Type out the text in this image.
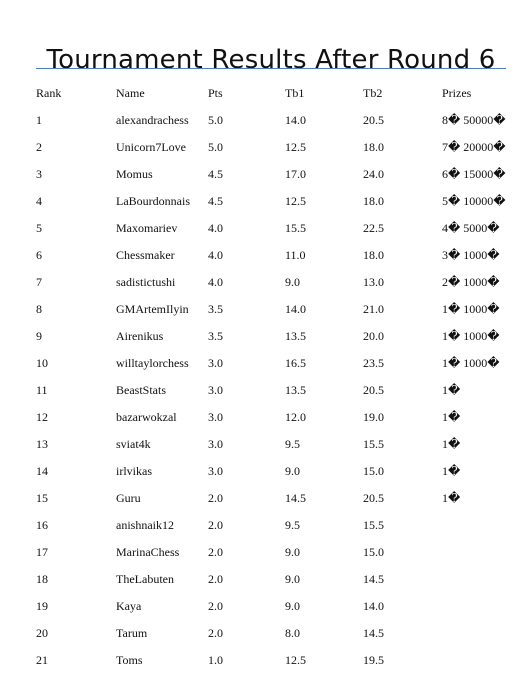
Tournament Results After Round 6
Rank	Name	Pts	Tb1	Tb2	Prizes
1	alexandrachess	5.0	14.0	20.5	8� 50000�
2	Unicorn7Love	5.0	12.5	18.0	7� 20000�
3	Momus	4.5	17.0	24.0	6� 15000�
4	LaBourdonnais	4.5	12.5	18.0	5� 10000�
5	Maxomariev	4.0	15.5	22.5	4� 5000�
6	Chessmaker	4.0	11.0	18.0	3� 1000�
7	sadistictushi	4.0	9.0	13.0	2� 1000�
8	GMArtemIlyin	3.5	14.0	21.0	1� 1000�
9	Airenikus	3.5	13.5	20.0	1� 1000�
10	willtaylorchess	3.0	16.5	23.5	1� 1000�
11	BeastStats	3.0	13.5	20.5	1�
12	bazarwokzal	3.0	12.0	19.0	1�
13	sviat4k	3.0	9.5	15.5	1�
14	irlvikas	3.0	9.0	15.0	1�
15	Guru	2.0	14.5	20.5	1�
16	anishnaik12	2.0	9.5	15.5	
17	MarinaChess	2.0	9.0	15.0	
18	TheLabuten	2.0	9.0	14.5	
19	Kaya	2.0	9.0	14.0	
20	Tarum	2.0	8.0	14.5	
21	Toms	1.0	12.5	19.5	
